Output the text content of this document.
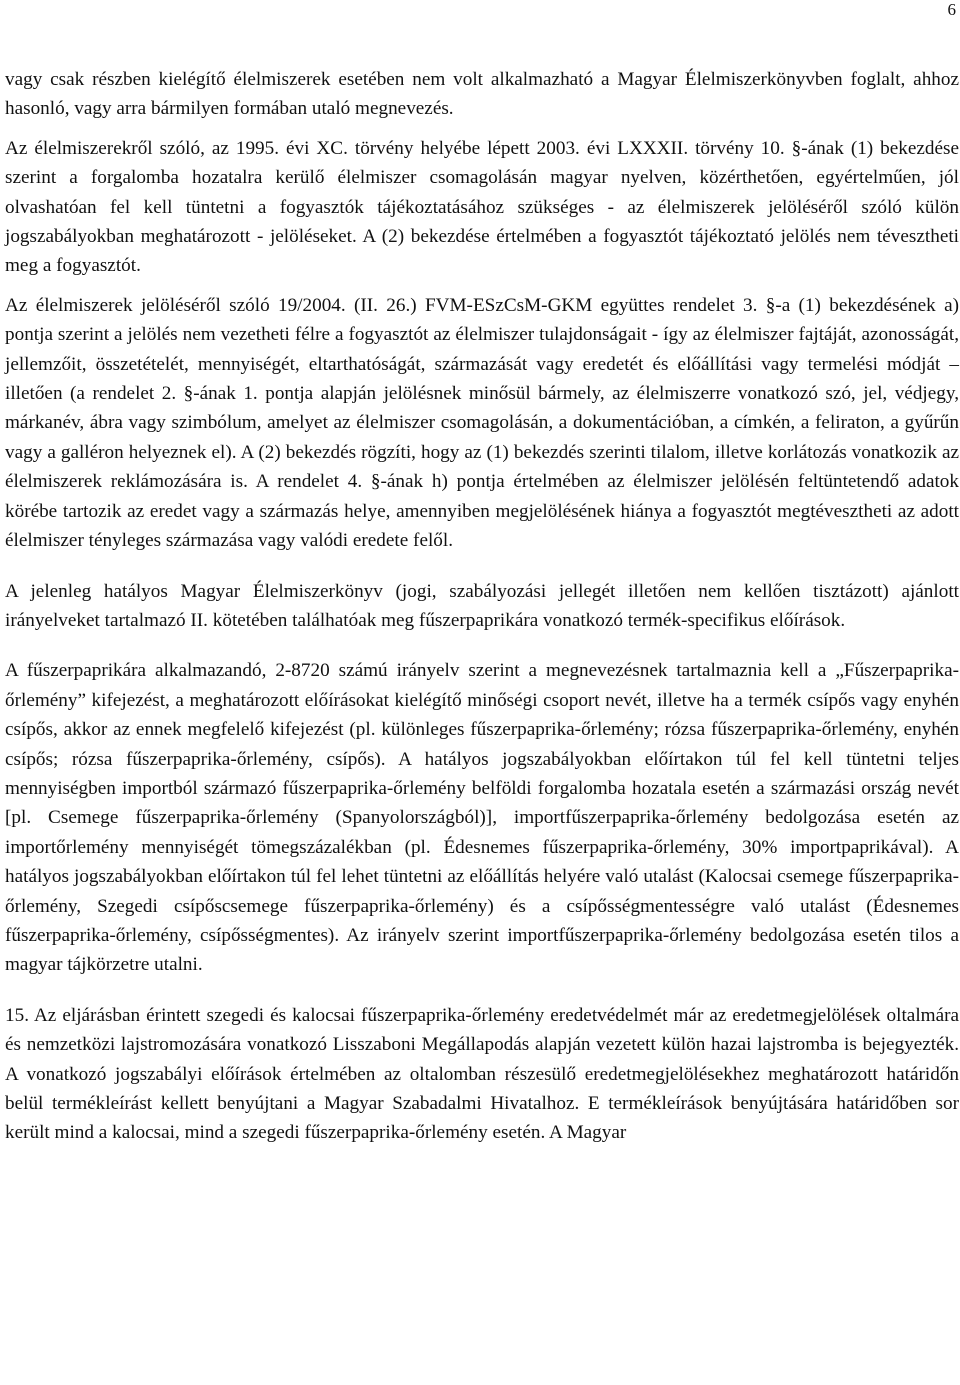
6

vagy csak részben kielégítő élelmiszerek esetében nem volt alkalmazható a Magyar Élelmiszerkönyvben foglalt, ahhoz hasonló, vagy arra bármilyen formában utaló megnevezés.

Az élelmiszerekről szóló, az 1995. évi XC. törvény helyébe lépett 2003. évi LXXXII. törvény 10. §-ának (1) bekezdése szerint a forgalomba hozatalra kerülő élelmiszer csomagolásán magyar nyelven, közérthetően, egyértelműen, jól olvashatóan fel kell tüntetni a fogyasztók tájékoztatásához szükséges - az élelmiszerek jelöléséről szóló külön jogszabályokban meghatározott - jelöléseket. A (2) bekezdése értelmében a fogyasztót tájékoztató jelölés nem tévesztheti meg a fogyasztót.

Az élelmiszerek jelöléséről szóló 19/2004. (II. 26.) FVM-ESzCsM-GKM együttes rendelet 3. §-a (1) bekezdésének a) pontja szerint a jelölés nem vezetheti félre a fogyasztót az élelmiszer tulajdonságait - így az élelmiszer fajtáját, azonosságát, jellemzőit, összetételét, mennyiségét, eltarthatóságát, származását vagy eredetét és előállítási vagy termelési módját – illetően (a rendelet 2. §-ának 1. pontja alapján jelölésnek minősül bármely, az élelmiszerre vonatkozó szó, jel, védjegy, márkanév, ábra vagy szimbólum, amelyet az élelmiszer csomagolásán, a dokumentációban, a címkén, a feliraton, a gyűrűn vagy a galléron helyeznek el). A (2) bekezdés rögzíti, hogy az (1) bekezdés szerinti tilalom, illetve korlátozás vonatkozik az élelmiszerek reklámozására is. A rendelet 4. §-ának h) pontja értelmében az élelmiszer jelölésén feltüntetendő adatok körébe tartozik az eredet vagy a származás helye, amennyiben megjelölésének hiánya a fogyasztót megtévesztheti az adott élelmiszer tényleges származása vagy valódi eredete felől.

A jelenleg hatályos Magyar Élelmiszerkönyv (jogi, szabályozási jellegét illetően nem kellően tisztázott) ajánlott irányelveket tartalmazó II. kötetében találhatóak meg fűszerpaprikára vonatkozó termék-specifikus előírások.

A fűszerpaprikára alkalmazandó, 2-8720 számú irányelv szerint a megnevezésnek tartalmaznia kell a „Fűszerpaprika-őrlemény” kifejezést, a meghatározott előírásokat kielégítő minőségi csoport nevét, illetve ha a termék csípős vagy enyhén csípős, akkor az ennek megfelelő kifejezést (pl. különleges fűszerpaprika-őrlemény; rózsa fűszerpaprika-őrlemény, enyhén csípős; rózsa fűszerpaprika-őrlemény, csípős). A hatályos jogszabályokban előírtakon túl fel kell tüntetni teljes mennyiségben importból származó fűszerpaprika-őrlemény belföldi forgalomba hozatala esetén a származási ország nevét [pl. Csemege fűszerpaprika-őrlemény (Spanyolországból)], importfűszerpaprika-őrlemény bedolgozása esetén az importőrlemény mennyiségét tömegszázalékban (pl. Édesnemes fűszerpaprika-őrlemény, 30% importpaprikával). A hatályos jogszabályokban előírtakon túl fel lehet tüntetni az előállítás helyére való utalást (Kalocsai csemege fűszerpaprika-őrlemény, Szegedi csípőscsemege fűszerpaprika-őrlemény) és a csípősségmentességre való utalást (Édesnemes fűszerpaprika-őrlemény, csípősségmentes). Az irányelv szerint importfűszerpaprika-őrlemény bedolgozása esetén tilos a magyar tájkörzetre utalni.

15. Az eljárásban érintett szegedi és kalocsai fűszerpaprika-őrlemény eredetvédelmét már az eredetmegjelölések oltalmára és nemzetközi lajstromozására vonatkozó Lisszaboni Megállapodás alapján vezetett külön hazai lajstromba is bejegyezték. A vonatkozó jogszabályi előírások értelmében az oltalomban részesülő eredetmegjelölésekhez meghatározott határidőn belül termékleírást kellett benyújtani a Magyar Szabadalmi Hivatalhoz. E termékleírások benyújtására határidőben sor került mind a kalocsai, mind a szegedi fűszerpaprika-őrlemény esetén. A Magyar
